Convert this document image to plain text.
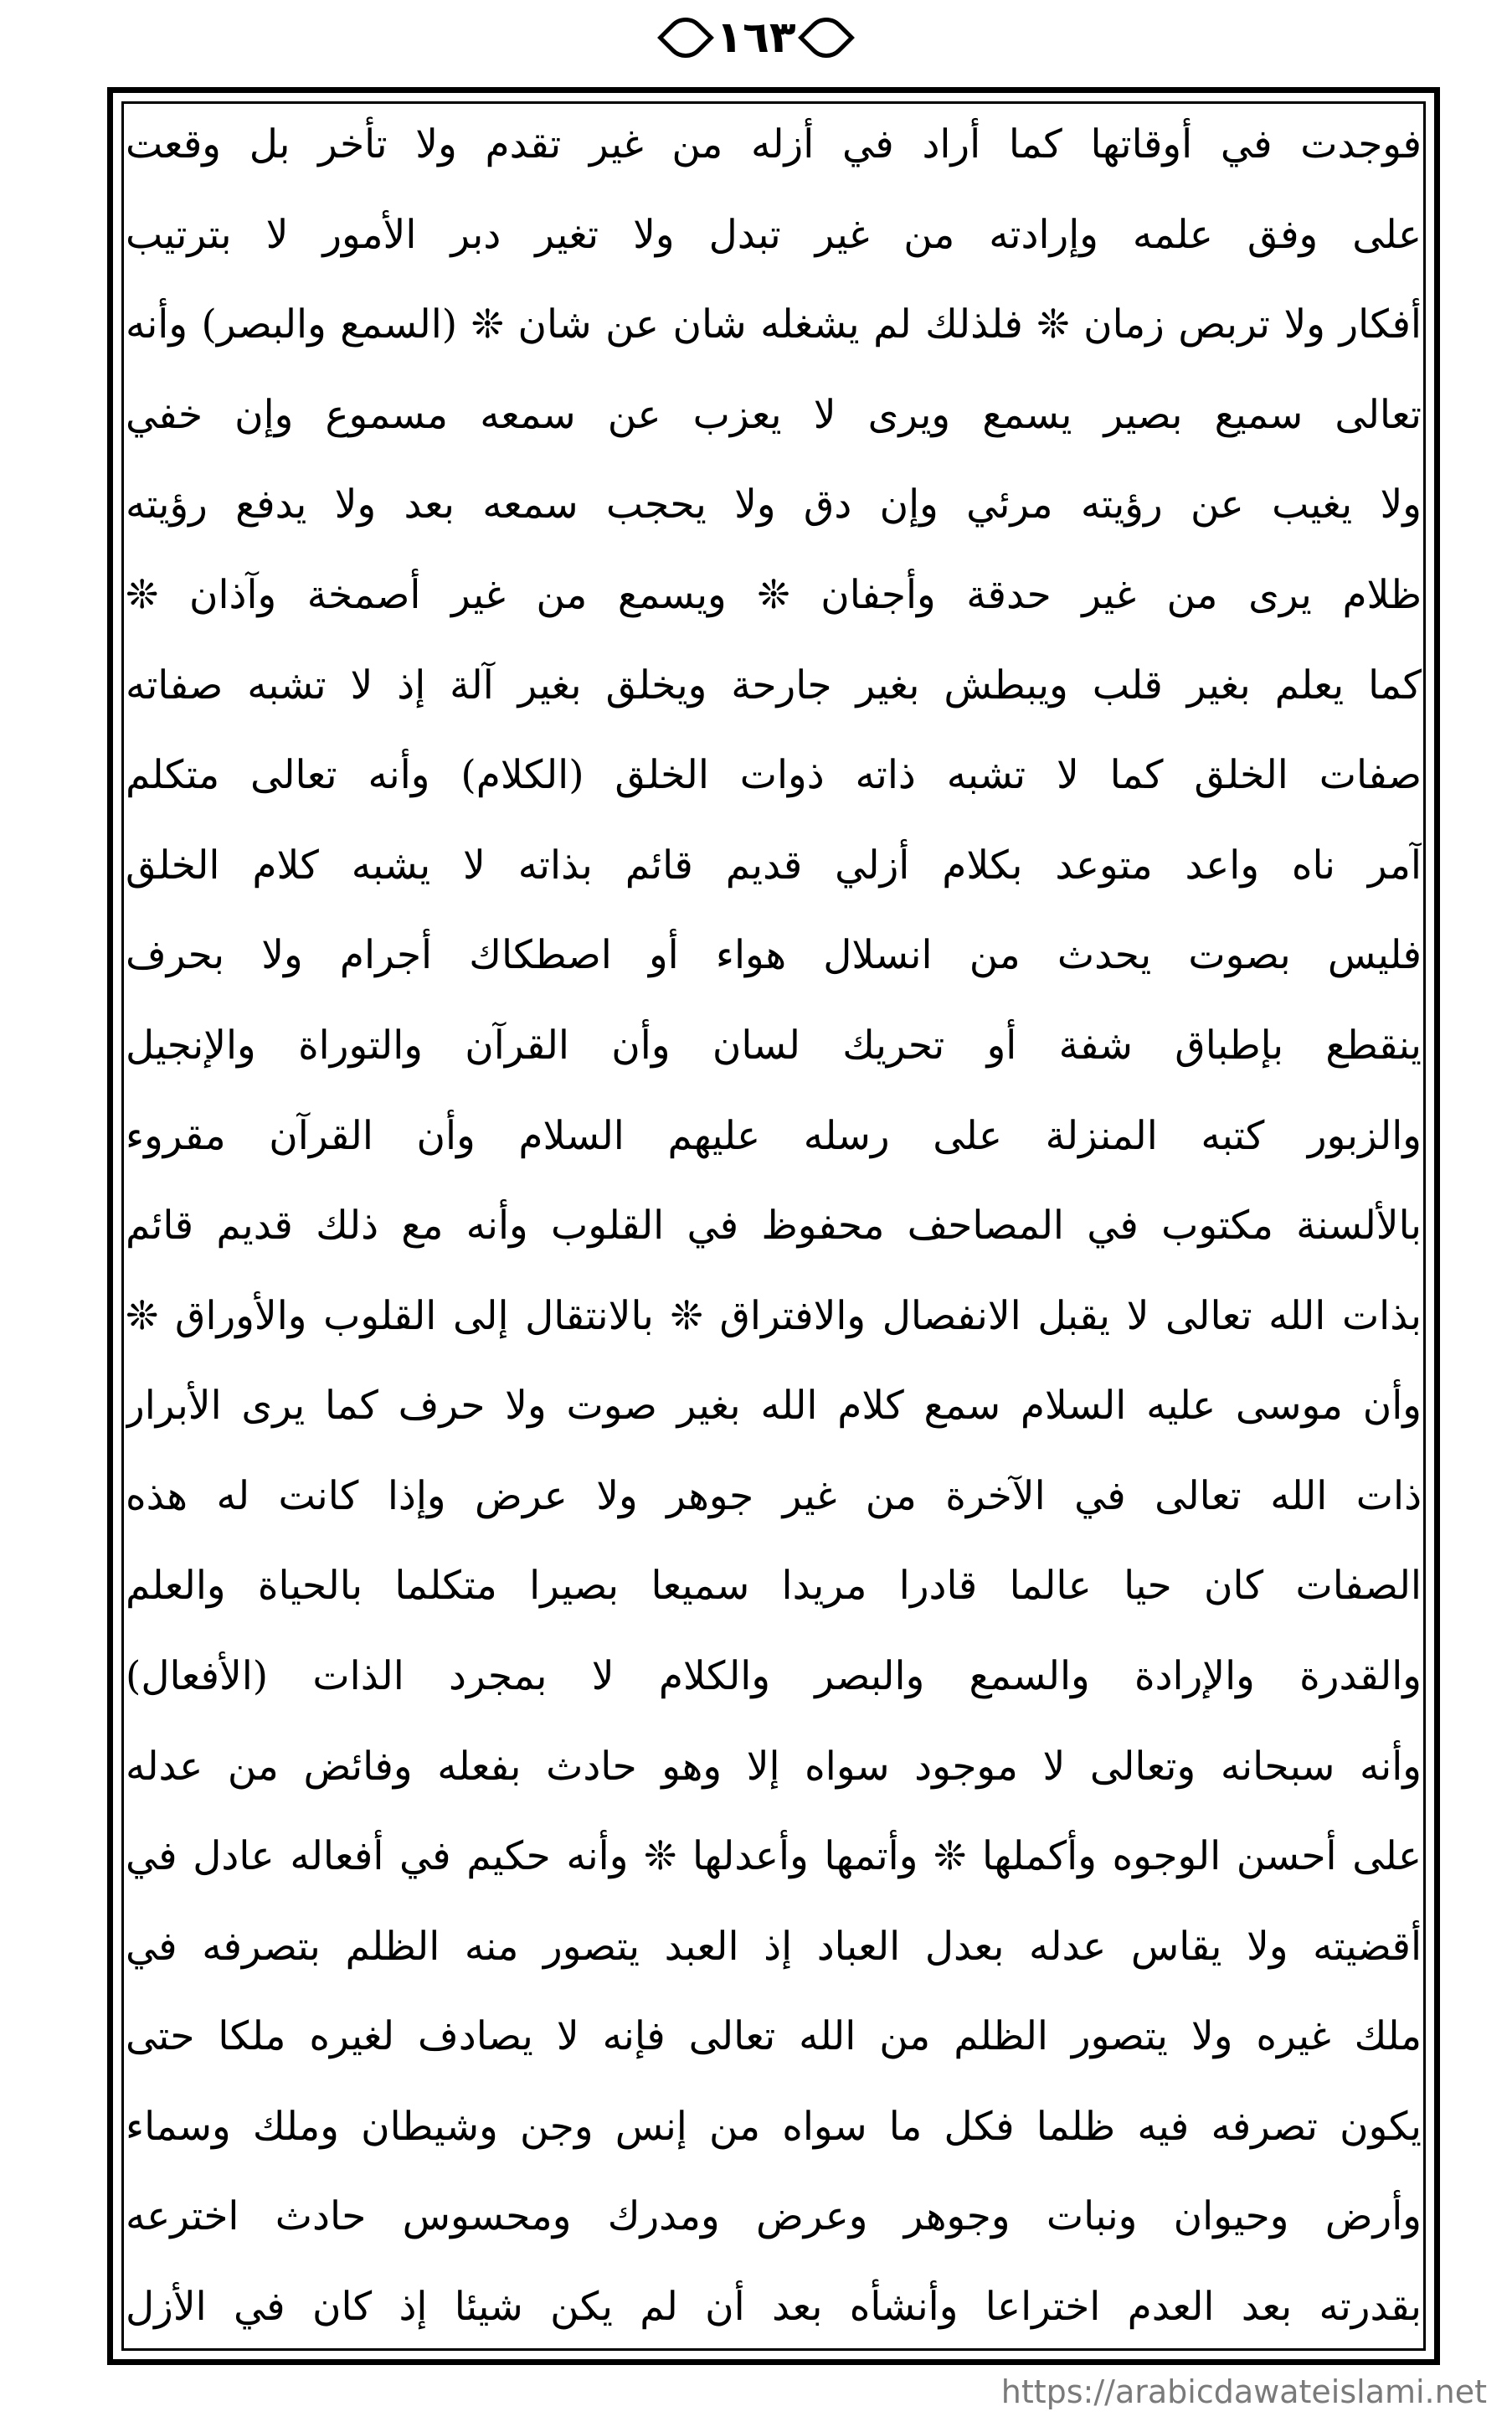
١٦٣
فوجدت في أوقاتها كما أراد في أزله من غير تقدم ولا تأخر بل وقعت
على وفق علمه وإرادته من غير تبدل ولا تغير دبر الأمور لا بترتيب
أفكار ولا تربص زمان ❊ فلذلك لم يشغله شان عن شان ❊ (السمع والبصر) وأنه
تعالى سميع بصير يسمع ويرى لا يعزب عن سمعه مسموع وإن خفي
ولا يغيب عن رؤيته مرئي وإن دق ولا يحجب سمعه بعد ولا يدفع رؤيته
ظلام يرى من غير حدقة وأجفان ❊ ويسمع من غير أصمخة وآذان ❊
كما يعلم بغير قلب ويبطش بغير جارحة ويخلق بغير آلة إذ لا تشبه صفاته
صفات الخلق كما لا تشبه ذاته ذوات الخلق (الكلام) وأنه تعالى متكلم
آمر ناه واعد متوعد بكلام أزلي قديم قائم بذاته لا يشبه كلام الخلق
فليس بصوت يحدث من انسلال هواء أو اصطكاك أجرام ولا بحرف
ينقطع بإطباق شفة أو تحريك لسان وأن القرآن والتوراة والإنجيل
والزبور كتبه المنزلة على رسله عليهم السلام وأن القرآن مقروء
بالألسنة مكتوب في المصاحف محفوظ في القلوب وأنه مع ذلك قديم قائم
بذات الله تعالى لا يقبل الانفصال والافتراق ❊ بالانتقال إلى القلوب والأوراق ❊
وأن موسى عليه السلام سمع كلام الله بغير صوت ولا حرف كما يرى الأبرار
ذات الله تعالى في الآخرة من غير جوهر ولا عرض وإذا كانت له هذه
الصفات كان حيا عالما قادرا مريدا سميعا بصيرا متكلما بالحياة والعلم
والقدرة والإرادة والسمع والبصر والكلام لا بمجرد الذات (الأفعال)
وأنه سبحانه وتعالى لا موجود سواه إلا وهو حادث بفعله وفائض من عدله
على أحسن الوجوه وأكملها ❊ وأتمها وأعدلها ❊ وأنه حكيم في أفعاله عادل في
أقضيته ولا يقاس عدله بعدل العباد إذ العبد يتصور منه الظلم بتصرفه في
ملك غيره ولا يتصور الظلم من الله تعالى فإنه لا يصادف لغيره ملكا حتى
يكون تصرفه فيه ظلما فكل ما سواه من إنس وجن وشيطان وملك وسماء
وأرض وحيوان ونبات وجوهر وعرض ومدرك ومحسوس حادث اخترعه
بقدرته بعد العدم اختراعا وأنشأه بعد أن لم يكن شيئا إذ كان في الأزل
https://arabicdawateislami.net
